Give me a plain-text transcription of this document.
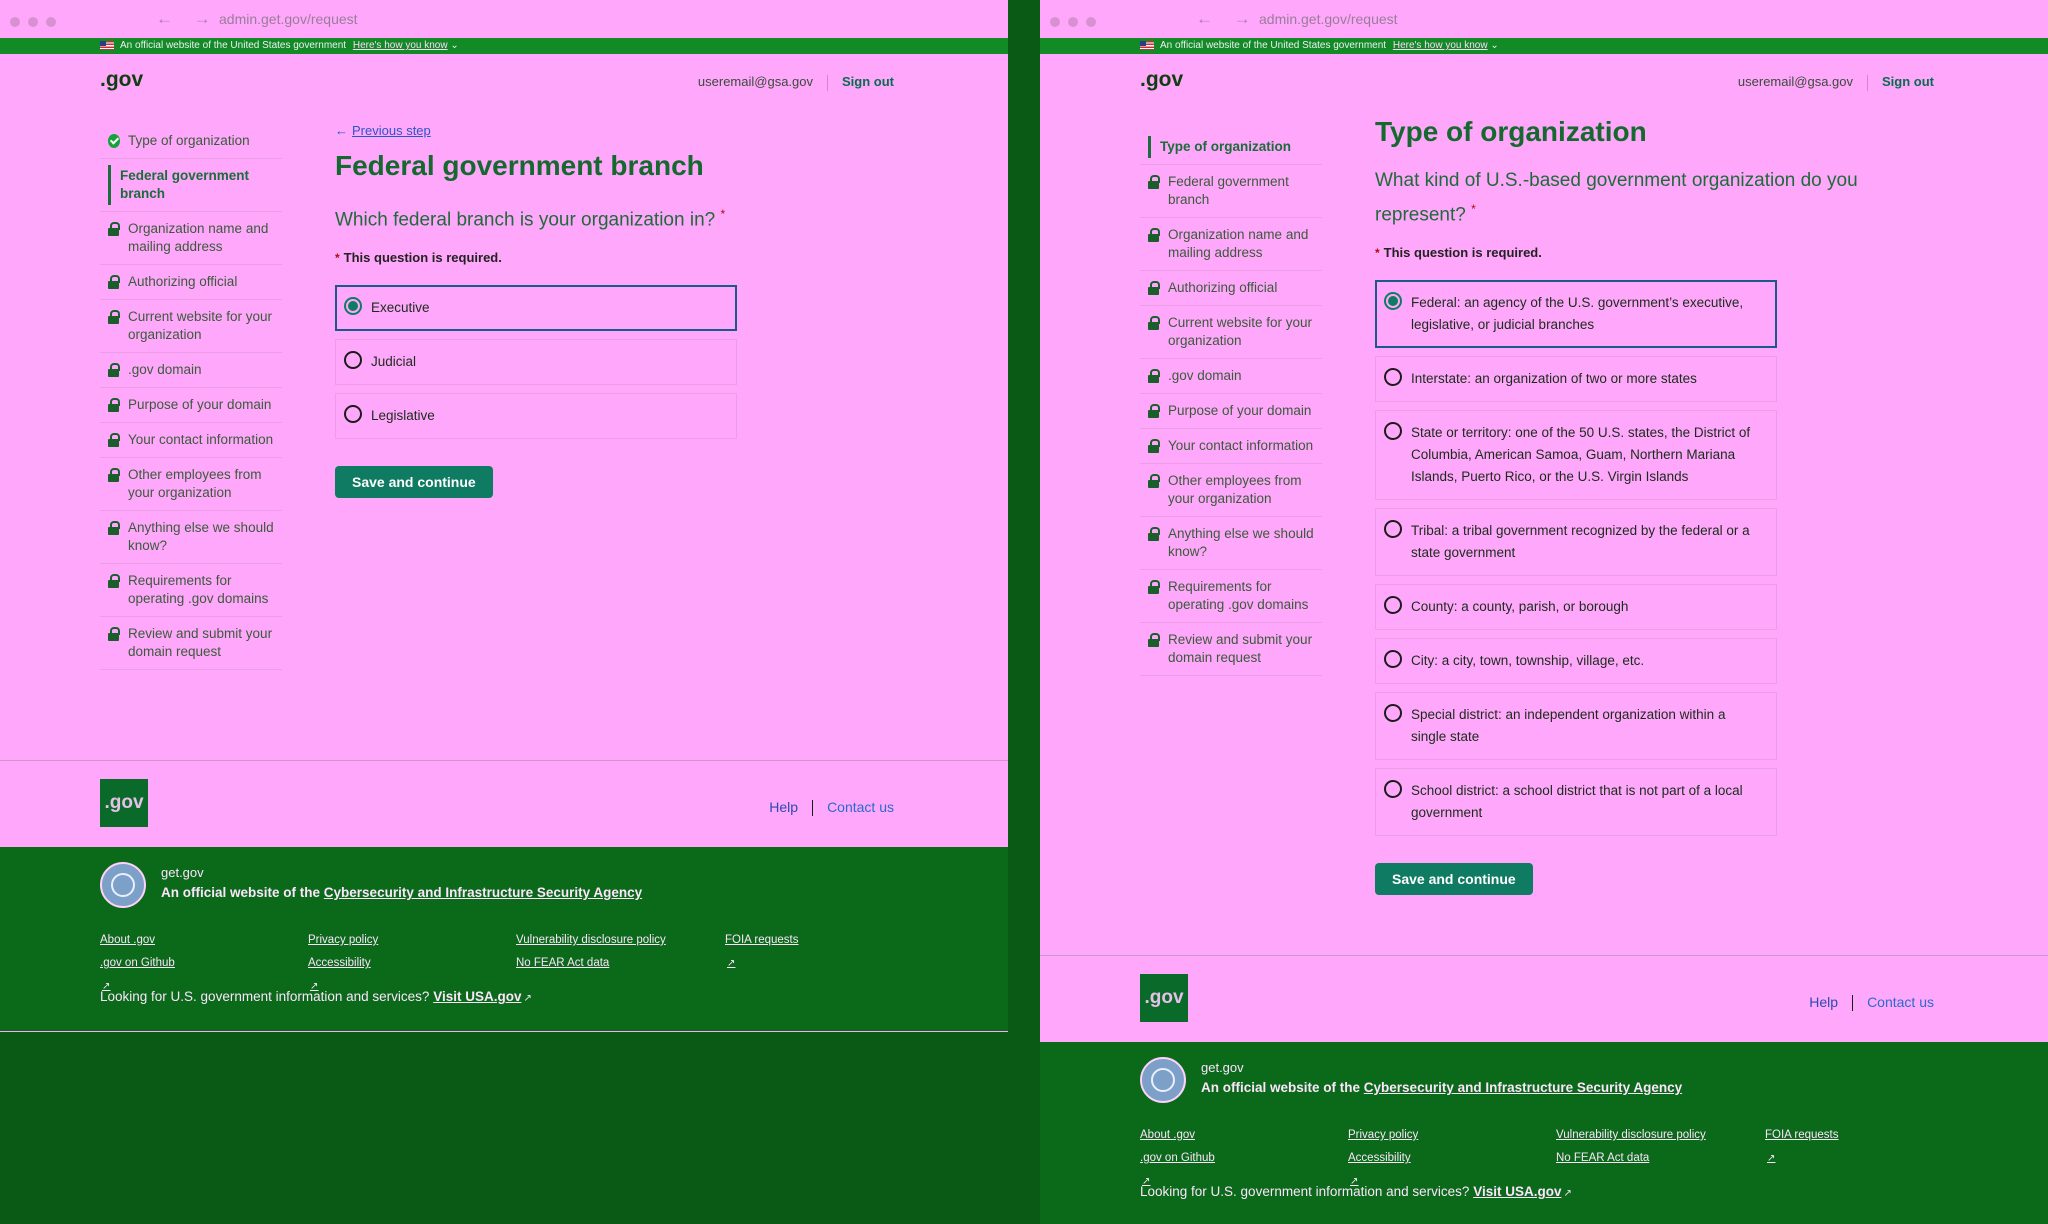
← → admin.get.gov/request
An official website of the United States government Here's how you know ⌄
.gov	useremail@gsa.gov Sign out
Type of organization
Federal government branch
Organization name and mailing address
Authorizing official
Current website for your organization
.gov domain
Purpose of your domain
Your contact information
Other employees from your organization
Anything else we should know?
Requirements for operating .gov domains
Review and submit your domain request
← Previous step
Federal government branch
Which federal branch is your organization in? *
* This question is required.
Executive
Judicial
Legislative
Save and continue
.gov	Help Contact us
get.gov
An official website of the Cybersecurity and Infrastructure Security Agency
About .gov
.gov on Github
↗
Privacy policy
Accessibility
↗
Vulnerability disclosure policy
No FEAR Act data
FOIA requests
↗
Looking for U.S. government information and services? Visit USA.gov ↗
← → admin.get.gov/request
An official website of the United States government Here's how you know ⌄
.gov	useremail@gsa.gov Sign out
Type of organization
Federal government branch
Organization name and mailing address
Authorizing official
Current website for your organization
.gov domain
Purpose of your domain
Your contact information
Other employees from your organization
Anything else we should know?
Requirements for operating .gov domains
Review and submit your domain request
Type of organization
What kind of U.S.-based government organization do you represent? *
* This question is required.
Federal: an agency of the U.S. government’s executive, legislative, or judicial branches
Interstate: an organization of two or more states
State or territory: one of the 50 U.S. states, the District of Columbia, American Samoa, Guam, Northern Mariana Islands, Puerto Rico, or the U.S. Virgin Islands
Tribal: a tribal government recognized by the federal or a state government
County: a county, parish, or borough
City: a city, town, township, village, etc.
Special district: an independent organization within a single state
School district: a school district that is not part of a local government
Save and continue
.gov	Help Contact us
get.gov
An official website of the Cybersecurity and Infrastructure Security Agency
About .gov
.gov on Github
↗
Privacy policy
Accessibility
↗
Vulnerability disclosure policy
No FEAR Act data
FOIA requests
↗
Looking for U.S. government information and services? Visit USA.gov ↗
